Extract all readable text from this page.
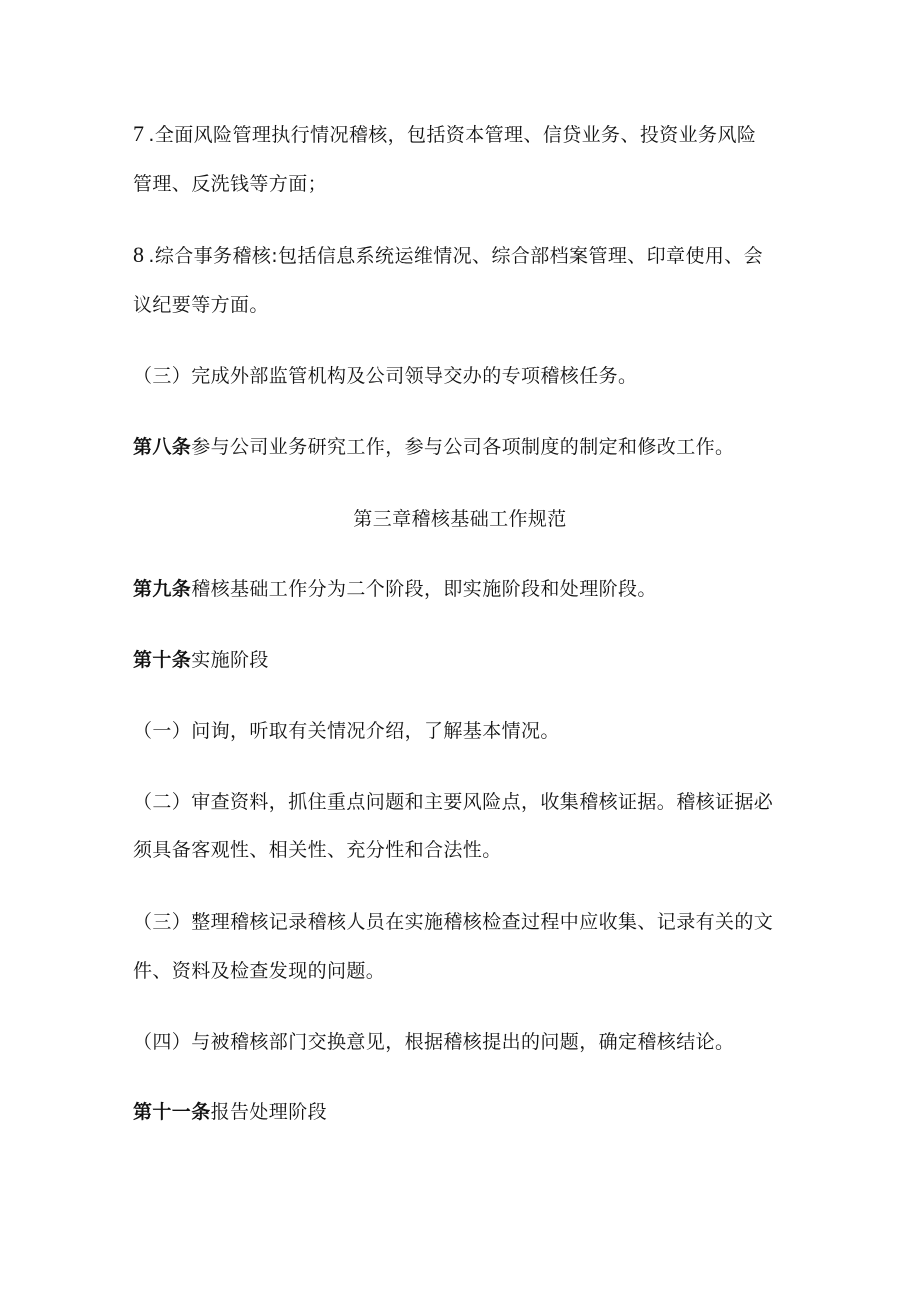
7 .全面风险管理执行情况稽核，包括资本管理、信贷业务、投资业务风险
管理、反洗钱等方面；
8 .综合事务稽核:包括信息系统运维情况、综合部档案管理、印章使用、会
议纪要等方面。
（三）完成外部监管机构及公司领导交办的专项稽核任务。
第八条参与公司业务研究工作，参与公司各项制度的制定和修改工作。
第三章稽核基础工作规范
第九条稽核基础工作分为二个阶段，即实施阶段和处理阶段。
第十条实施阶段
（一）问询，听取有关情况介绍，了解基本情况。
（二）审查资料，抓住重点问题和主要风险点，收集稽核证据。稽核证据必
须具备客观性、相关性、充分性和合法性。
（三）整理稽核记录稽核人员在实施稽核检查过程中应收集、记录有关的文
件、资料及检查发现的问题。
（四）与被稽核部门交换意见，根据稽核提出的问题，确定稽核结论。
第十一条报告处理阶段
